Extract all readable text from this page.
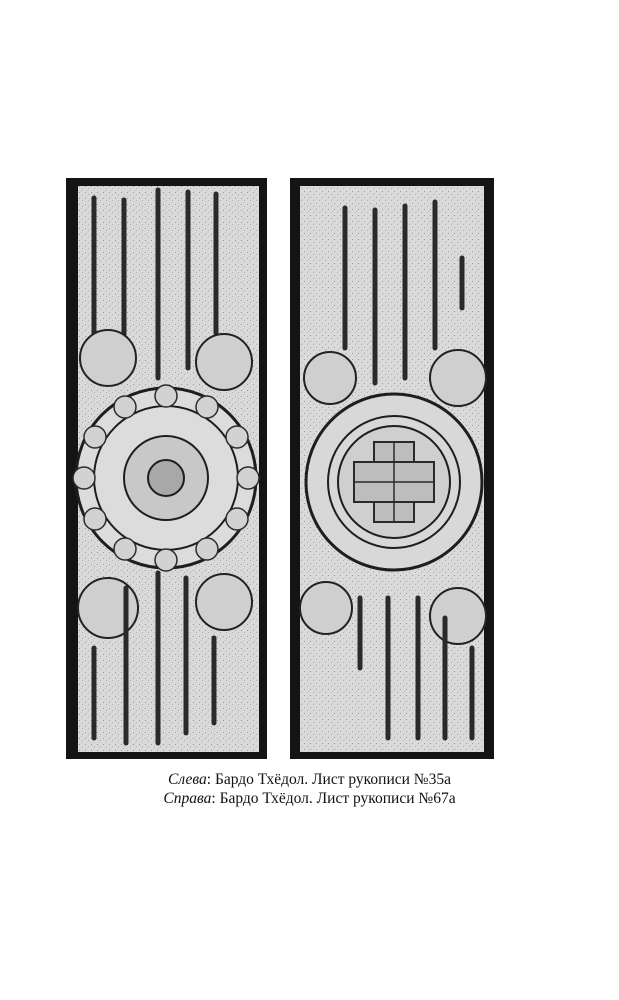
Слева: Бардо Тхёдол. Лист рукописи №35а
Справа: Бардо Тхёдол. Лист рукописи №67а
